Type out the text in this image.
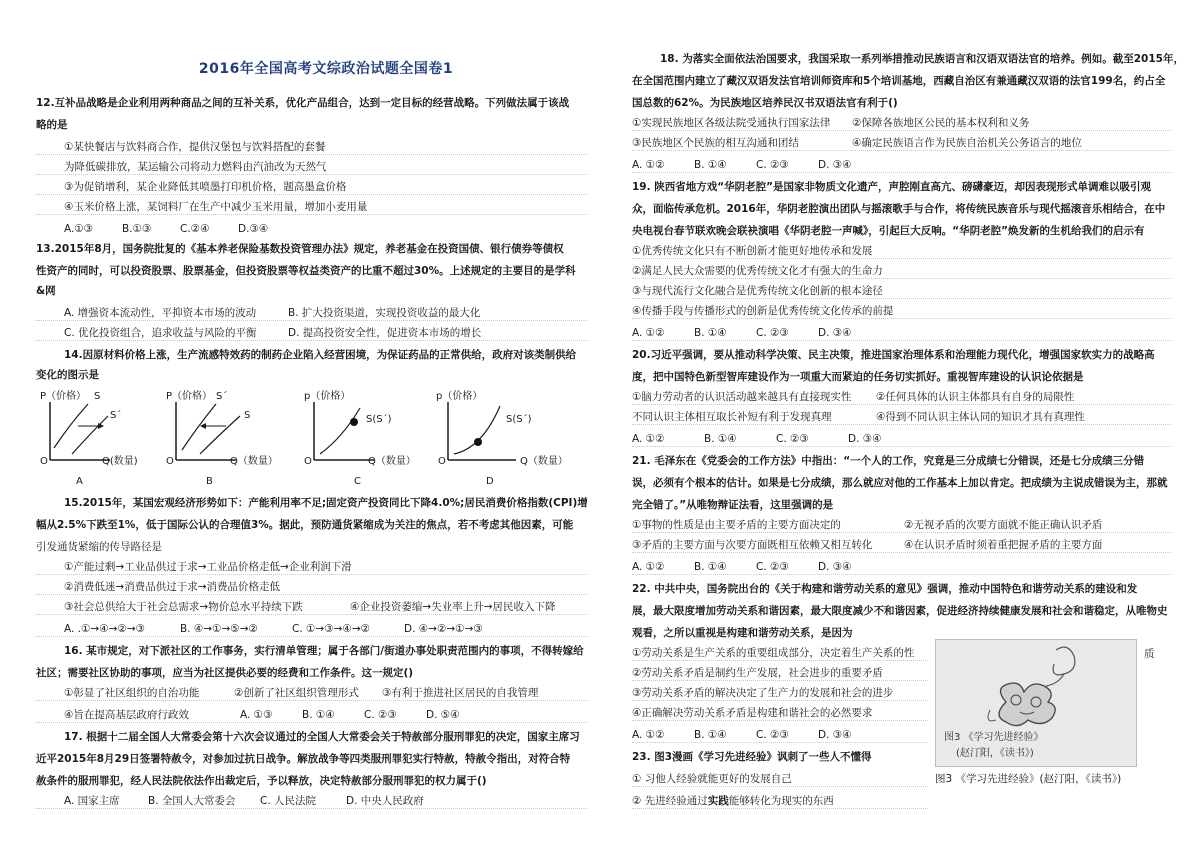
2016年全国高考文综政治试题全国卷1
12.互补品战略是企业利用两种商品之间的互补关系，优化产品组合，达到一定目标的经营战略。下列做法属于该战
略的是
①某快餐店与饮料商合作，提供汉堡包与饮料搭配的套餐
为降低碳排放，某运输公司将动力燃料由汽油改为天然气
③为促销增利，某企业降低其喷墨打印机价格，题高墨盒价格
④玉米价格上涨，某饲料厂在生产中减少玉米用量，增加小麦用量
A.①③	B.①③	C.②④	D.③④
13.2015年8月，国务院批复的《基本养老保险基数投资管理办法》规定，养老基金在投资国债、银行债券等债权
性资产的同时，可以投资股票、股票基金，但投资股票等权益类资产的比重不超过30%。上述规定的主要目的是学科
&网
A. 增强资本流动性，平抑资本市场的波动	B. 扩大投资渠道，实现投资收益的最大化
C. 优化投资组合，追求收益与风险的平衡	D. 提高投资安全性，促进资本市场的增长
14.因原材料价格上涨，生产流感特效药的制药企业陷入经营困境，为保证药品的正常供给，政府对该类制供给
变化的图示是
P（价格） S
S´
O	Q(数量)
A
P（价格） S´
S
O	Q（数量）
B
p（价格）
S(S´)
O	Q（数量）
C
p（价格）
S(S´)
O	Q（数量）
D
15.2015年，某国宏观经济形势如下：产能利用率不足;固定资产投资同比下降4.0%;居民消费价格指数(CPI)增
幅从2.5%下跌至1%，低于国际公认的合理值3%。据此，预防通货紧缩成为关注的焦点，若不考虑其他因素，可能
引发通货紧缩的传导路径是
①产能过剩→工业品供过于求→工业品价格走低→企业利润下滑
②消费低迷→消费品供过于求→消费品价格走低
③社会总供给大于社会总需求→物价总水平持续下跌	④企业投资萎缩→失业率上升→居民收入下降
A. .①→④→②→③	B. ④→①→⑤→②	C. ①→③→④→②	D. ④→②→①→③
16. 某市规定，对下派社区的工作事务，实行清单管理；属于各部门/街道办事处职责范围内的事项，不得转嫁给
社区；需要社区协助的事项，应当为社区提供必要的经费和工作条件。这一规定()
①彰显了社区组织的自治功能	②创新了社区组织管理形式 ③有利于推进社区居民的自我管理
④旨在提高基层政府行政效	A. ①③	B. ①④	C. ②③	D. ⑤④
17. 根据十二届全国人大常委会第十六次会议通过的全国人大常委会关于特赦部分服刑罪犯的决定，国家主席习
近平2015年8月29日签署特赦令，对参加过抗日战争。解放战争等四类服刑罪犯实行特赦，特赦令指出，对符合特
赦条件的服刑罪犯，经人民法院依法作出裁定后，予以释放，决定特赦部分服刑罪犯的权力属于()
A. 国家主席	B. 全国人大常委会 C. 人民法院	D. 中央人民政府
18. 为落实全面依法治国要求，我国采取一系列举措推动民族语言和汉语双语法官的培养。例如。截至2015年，
在全国范围内建立了藏汉双语发法官培训师资库和5个培训基地，西藏自治区有兼通藏汉双语的法官199名，约占全
国总数的62%。为民族地区培养民汉书双语法官有利于()
①实现民族地区各级法院受通执行国家法律 ②保障各族地区公民的基本权利和义务
③民族地区个民族的相互沟通和团结	④确定民族语言作为民族自治机关公务语言的地位
A. ①②	B. ①④	C. ②③	D. ③④
19. 陕西省地方戏“华阴老腔”是国家非物质文化遗产，声腔刚直高亢、磅礴豪迈，却因表现形式单调难以吸引观
众，面临传承危机。2016年，华阴老腔演出团队与摇滚歌手与合作，将传统民族音乐与现代摇滚音乐相结合，在中
央电视台春节联欢晚会联袂演唱《华阴老腔一声喊》，引起巨大反响。“华阴老腔”焕发新的生机给我们的启示有
①优秀传统文化只有不断创新才能更好地传承和发展
②满足人民大众需要的优秀传统文化才有强大的生命力
③与现代流行文化融合是优秀传统文化创新的根本途径
④传播手段与传播形式的创新是优秀传统文化传承的前提
A. ①②	B. ①④	C. ②③	D. ③④
20.习近平强调，要从推动科学决策、民主决策，推进国家治理体系和治理能力现代化，增强国家软实力的战略高
度，把中国特色新型智库建设作为一项重大而紧迫的任务切实抓好。重视智库建设的认识论依据是
①脑力劳动者的认识活动越来越具有直接现实性 ②任何具体的认识主体都具有自身的局限性
不同认识主体相互取长补短有利于发现真理	④得到不同认识主体认同的知识才具有真理性
A. ①②	B. ①④	C. ②③	D. ③④
21. 毛泽东在《党委会的工作方法》中指出：“一个人的工作，究竟是三分成绩七分错误，还是七分成绩三分错
误，必须有个根本的估计。如果是七分成绩，那么就应对他的工作基本上加以肯定。把成绩为主说成错误为主，那就
完全错了。”从唯物辩证法看，这里强调的是
①事物的性质是由主要矛盾的主要方面决定的	②无视矛盾的次要方面就不能正确认识矛盾
③矛盾的主要方面与次要方面既相互依赖又相互转化	④在认识矛盾时须着重把握矛盾的主要方面
A. ①②	B. ①④	C. ②③	D. ③④
22. 中共中央，国务院出台的《关于构建和谐劳动关系的意见》强调，推动中国特色和谐劳动关系的建设和发
展，最大限度增加劳动关系和谐因素，最大限度减少不和谐因素，促进经济持续健康发展和社会和谐稳定，从唯物史
观看，之所以重视是构建和谐劳动关系，是因为
①劳动关系是生产关系的重要组成部分，决定着生产关系的性	质
②劳动关系矛盾是制约生产发展，社会进步的重要矛盾
③劳动关系矛盾的解决决定了生产力的发展和社会的进步
④正确解决劳动关系矛盾是构建和谐社会的必然要求
A. ①②	B. ①④	C. ②③	D. ③④
23. 图3漫画《学习先进经验》讽刺了一些人不懂得
① 习他人经验就能更好的发展自己
② 先进经验通过实践能够转化为现实的东西
图3 《学习先进经验》
(赵汀阳，《读书》)
图3 《学习先进经验》(赵汀阳，《读书》)
